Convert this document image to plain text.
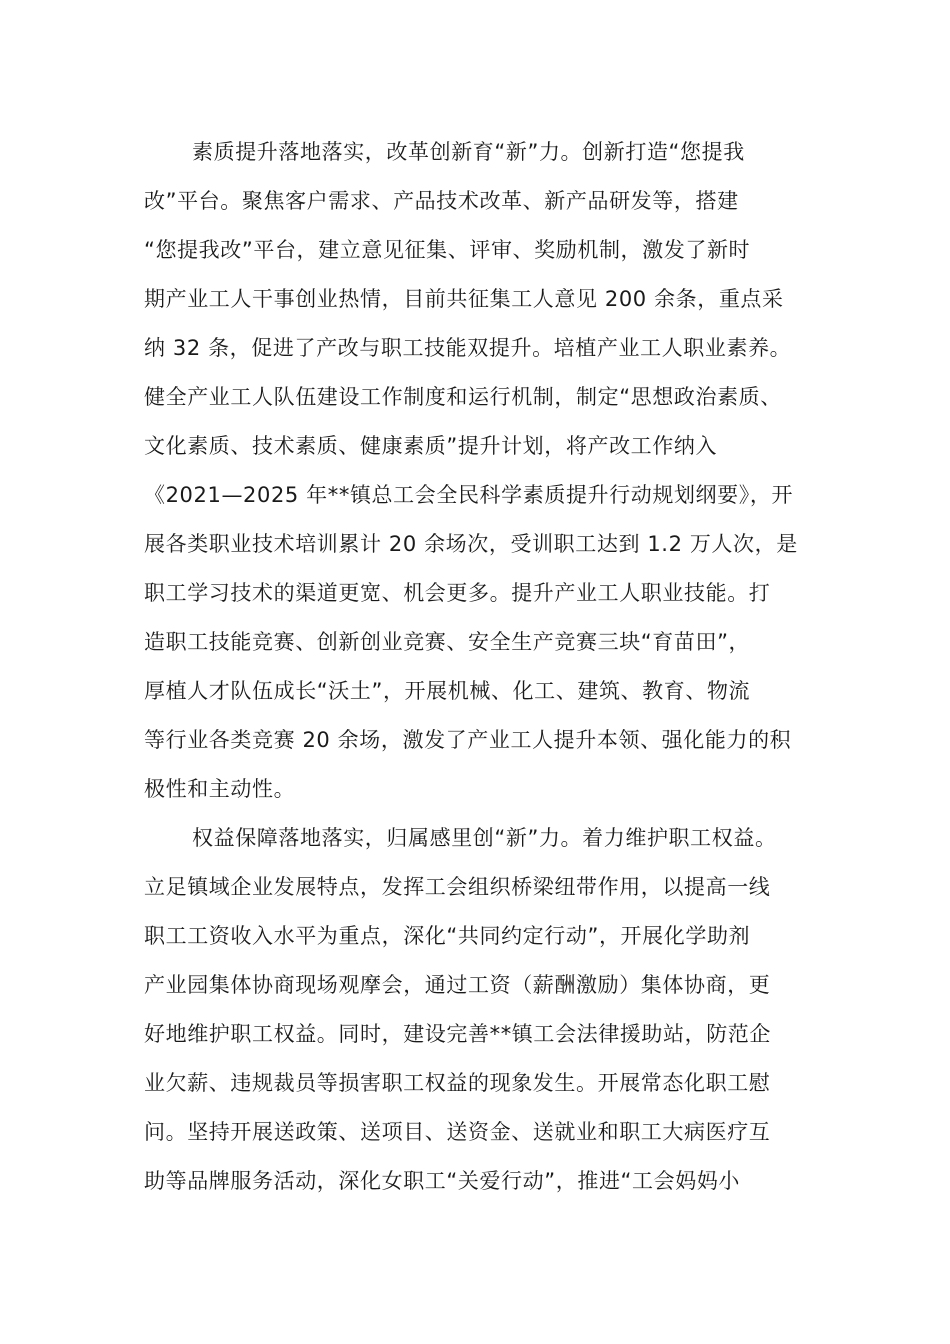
素质提升落地落实，改革创新育“新”力。创新打造“您提我
改”平台。聚焦客户需求、产品技术改革、新产品研发等，搭建
“您提我改”平台，建立意见征集、评审、奖励机制，激发了新时
期产业工人干事创业热情，目前共征集工人意见 200 余条，重点采
纳 32 条，促进了产改与职工技能双提升。培植产业工人职业素养。
健全产业工人队伍建设工作制度和运行机制，制定“思想政治素质、
文化素质、技术素质、健康素质”提升计划，将产改工作纳入
《2021—2025 年**镇总工会全民科学素质提升行动规划纲要》，开
展各类职业技术培训累计 20 余场次，受训职工达到 1.2 万人次，是
职工学习技术的渠道更宽、机会更多。提升产业工人职业技能。打
造职工技能竞赛、创新创业竞赛、安全生产竞赛三块“育苗田”，
厚植人才队伍成长“沃土”，开展机械、化工、建筑、教育、物流
等行业各类竞赛 20 余场，激发了产业工人提升本领、强化能力的积
极性和主动性。
权益保障落地落实，归属感里创“新”力。着力维护职工权益。
立足镇域企业发展特点，发挥工会组织桥梁纽带作用，以提高一线
职工工资收入水平为重点，深化“共同约定行动”，开展化学助剂
产业园集体协商现场观摩会，通过工资（薪酬激励）集体协商，更
好地维护职工权益。同时，建设完善**镇工会法律援助站，防范企
业欠薪、违规裁员等损害职工权益的现象发生。开展常态化职工慰
问。坚持开展送政策、送项目、送资金、送就业和职工大病医疗互
助等品牌服务活动，深化女职工“关爱行动”，推进“工会妈妈小
